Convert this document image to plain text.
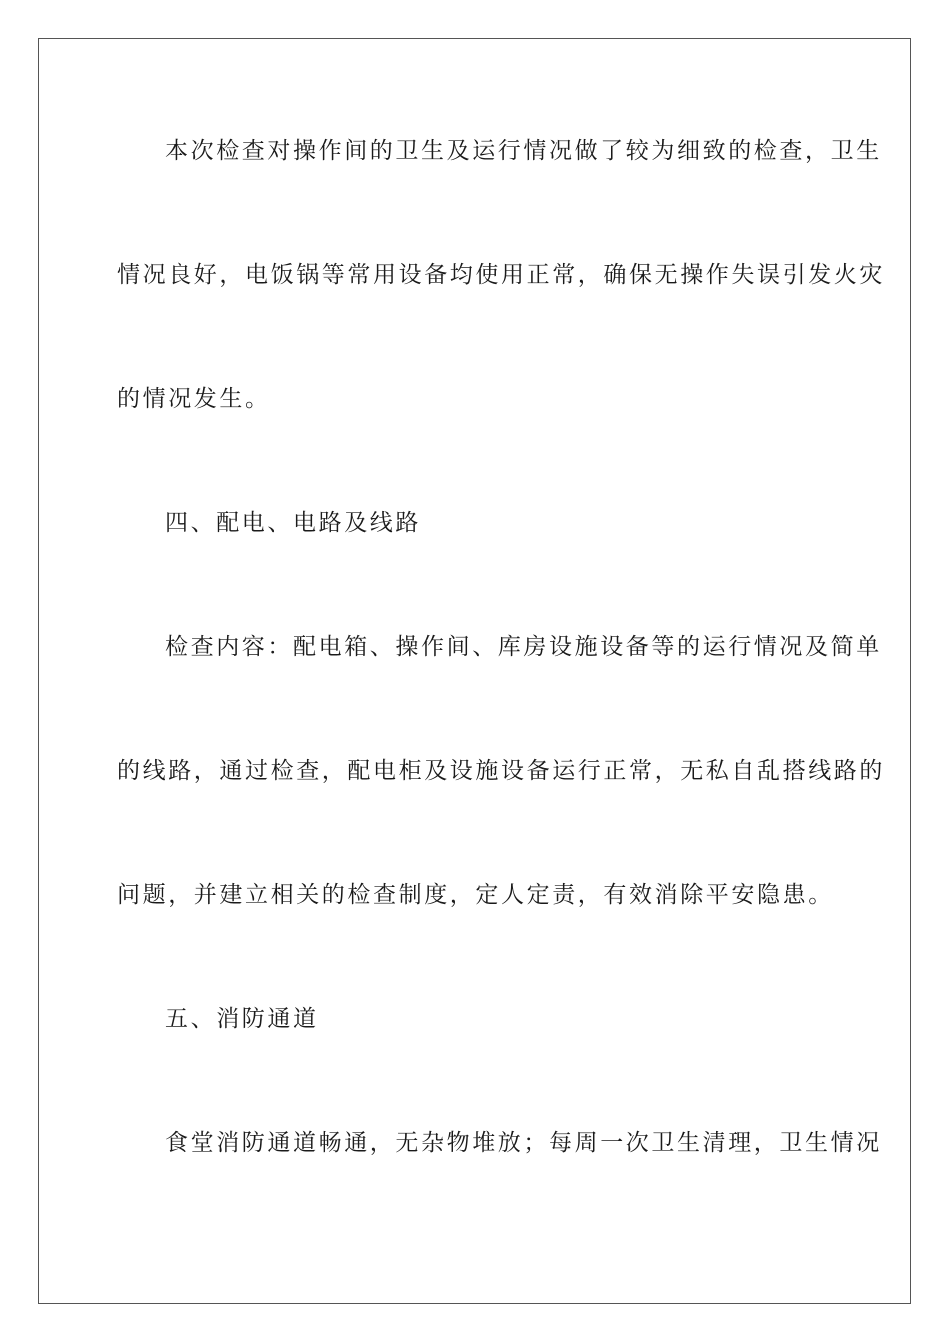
本次检查对操作间的卫生及运行情况做了较为细致的检查，卫生
情况良好，电饭锅等常用设备均使用正常，确保无操作失误引发火灾
的情况发生。
四、配电、电路及线路
检查内容：配电箱、操作间、库房设施设备等的运行情况及简单
的线路，通过检查，配电柜及设施设备运行正常，无私自乱搭线路的
问题，并建立相关的检查制度，定人定责，有效消除平安隐患。
五、消防通道
食堂消防通道畅通，无杂物堆放；每周一次卫生清理，卫生情况
